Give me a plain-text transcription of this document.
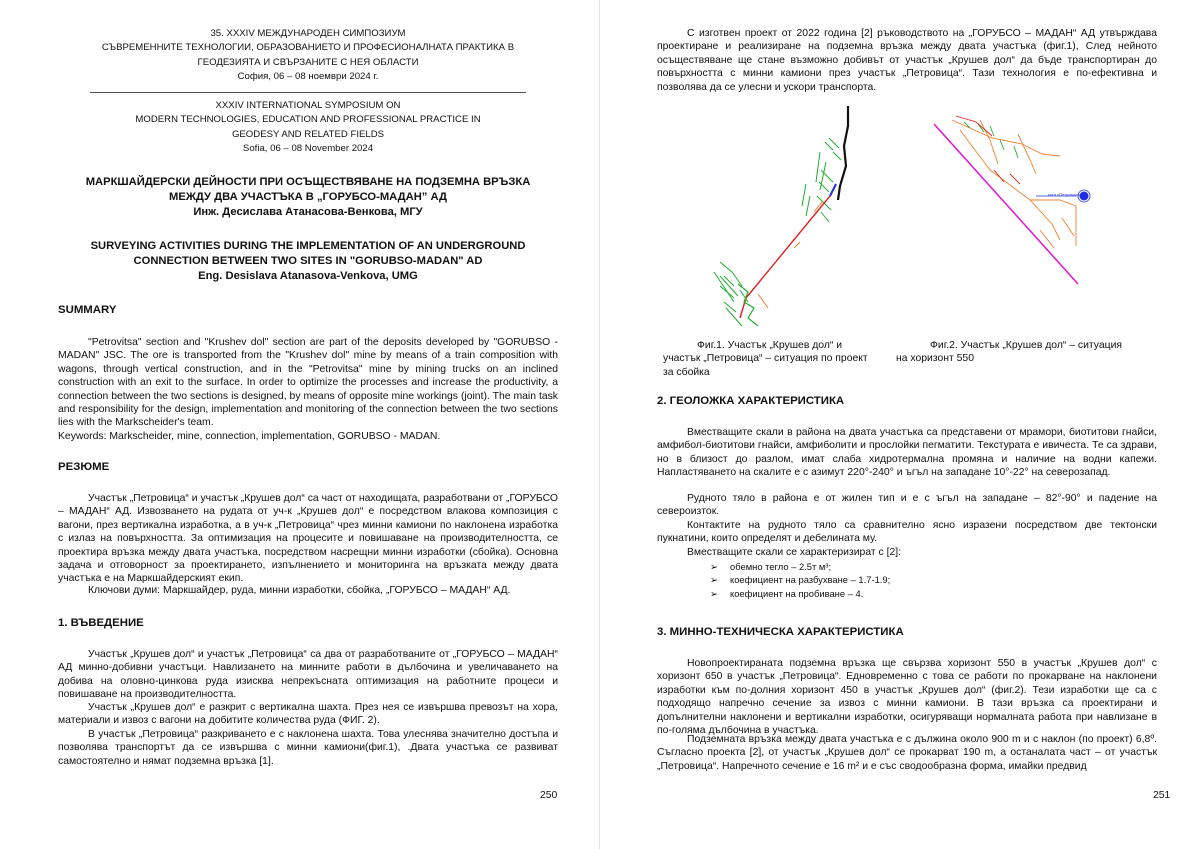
35. XXXIV МЕЖДУНАРОДЕН СИМПОЗИУМ
СЪВРЕМЕННИТЕ ТЕХНОЛОГИИ, ОБРАЗОВАНИЕТО И ПРОФЕСИОНАЛНАТА ПРАКТИКА В
ГЕОДЕЗИЯТА И СВЪРЗАНИТЕ С НЕЯ ОБЛАСТИ
София, 06 – 08 ноември 2024 г.
XXXIV INTERNATIONAL SYMPOSIUM ON
MODERN TECHNOLOGIES, EDUCATION AND PROFESSIONAL PRACTICE IN
GEODESY AND RELATED FIELDS
Sofia, 06 – 08 November 2024
МАРКШАЙДЕРСКИ ДЕЙНОСТИ ПРИ ОСЪЩЕСТВЯВАНЕ НА ПОДЗЕМНА ВРЪЗКА
МЕЖДУ ДВА УЧАСТЪКА В „ГОРУБСО-МАДАН” АД
Инж. Десислава Атанасова-Венкова, МГУ
SURVEYING ACTIVITIES DURING THE IMPLEMENTATION OF AN UNDERGROUND
CONNECTION BETWEEN TWO SITES IN "GORUBSO-MADAN" AD
Eng. Desislava Atanasova-Venkova, UMG
SUMMARY

"Petrovitsa" section and "Krushev dol" section are part of the deposits developed by "GORUBSO - MADAN" JSC. The ore is transported from the "Krushev dol" mine by means of a train composition with wagons, through vertical construction, and in the "Petrovitsa" mine by mining trucks on an inclined construction with an exit to the surface. In order to optimize the processes and increase the productivity, a connection between the two sections is designed, by means of opposite mine workings (joint). The main task and responsibility for the design, implementation and monitoring of the connection between the two sections lies with the Markscheider's team.

Keywords: Markscheider, mine, connection, implementation, GORUBSO - MADAN.
РЕЗЮМЕ

Участък „Петровица“ и участък „Крушев дол“ са част от находищата, разработвани от „ГОРУБСО – МАДАН“ АД. Извозването на рудата от уч-к „Крушев дол“ е посредством влакова композиция с вагони, през вертикална изработка, а в уч-к „Петровица“ чрез минни камиони по наклонена изработка с излаз на повърхността. За оптимизация на процесите и повишаване на производителността, се проектира връзка между двата участъка, посредством насрещни минни изработки (сбойка). Основна задача и отговорност за проектирането, изпълнението и мониторинга на връзката между двата участъка е на Маркшайдерският екип.

Ключови думи: Маркшайдер, руда, минни изработки, сбойка, „ГОРУБСО – МАДАН“ АД.
1. ВЪВЕДЕНИЕ

Участък „Крушев дол“ и участък „Петровица“ са два от разработваните от „ГОРУБСО – МАДАН“ АД минно-добивни участъци. Навлизането на минните работи в дълбочина и увеличаването на добива на оловно-цинкова руда изисква непрекъсната оптимизация на работните процеси и повишаване на производителността.

Участък „Крушев дол“ е разкрит с вертикална шахта. През нея се извършва превозът на хора, материали и извоз с вагони на добитите количества руда (ФИГ. 2).

В участък „Петровица“ разкриването е с наклонена шахта. Това улеснява значително достъпа и позволява транспортът да се извършва с минни камиони(фиг.1), .Двата участъка се развиват самостоятелно и нямат подземна връзка [1].

250

С изготвен проект от 2022 година [2] ръководството на „ГОРУБСО – МАДАН“ АД утвърждава проектиране и реализиране на подземна връзка между двата участъка (фиг.1), След нейното осъществяване ще стане възможно добивът от участък „Крушев дол“ да бъде транспортиран до повърхността с минни камиони през участък „Петровица“. Тази технология е по-ефективна и позволява да се улесни и ускори транспорта.

кота «Петровица»
Фиг.1. Участък „Крушев дол“ и
участък „Петровица“ – ситуация по проект
за сбойка
Фиг.2. Участък „Крушев дол“ – ситуация
на хоризонт 550
2. ГЕОЛОЖКА ХАРАКТЕРИСТИКА

Вместващите скали в района на двата участъка са представени от мрамори, биотитови гнайси, амфибол-биотитови гнайси, амфиболити и прослойки пегматити. Текстурата е ивичеста. Те са здрави, но в близост до разлом, имат слаба хидротермална промяна и наличие на водни капежи. Напластяването на скалите е с азимут 220°-240° и ъгъл на западане 10°-22° на северозапад.

Рудното тяло в района е от жилен тип и е с ъгъл на западане – 82°-90° и падение на североизток.

Контактите на рудното тяло са сравнително ясно изразени посредством две тектонски пукнатини, които определят и дебелината му.

Вместващите скали се характеризират с [2]:

➢ обемно тегло – 2.5т м³;
➢ коефициент на разбухване – 1.7-1.9;
➢ коефициент на пробиване – 4.
3. МИННО-ТЕХНИЧЕСКА ХАРАКТЕРИСТИКА

Новопроектираната подземна връзка ще свързва хоризонт 550 в участък „Крушев дол“ с хоризонт 650 в участък „Петровица“. Едновременно с това се работи по прокарване на наклонени изработки към по-долния хоризонт 450 в участък „Крушев дол“ (фиг.2). Тези изработки ще са с подходящо напречно сечение за извоз с минни камиони. В тази връзка са проектирани и допълнителни наклонени и вертикални изработки, осигуряващи нормалната работа при навлизане в по-голяма дълбочина в участъка.

Подземната връзка между двата участъка е с дължина около 900 m и с наклон (по проект) 6,8º. Съгласно проекта [2], от участък „Крушев дол“ се прокарват 190 m, а останалата част – от участък „Петровица“. Напречното сечение е 16 m² и е със сводообразна форма, имайки предвид

251
